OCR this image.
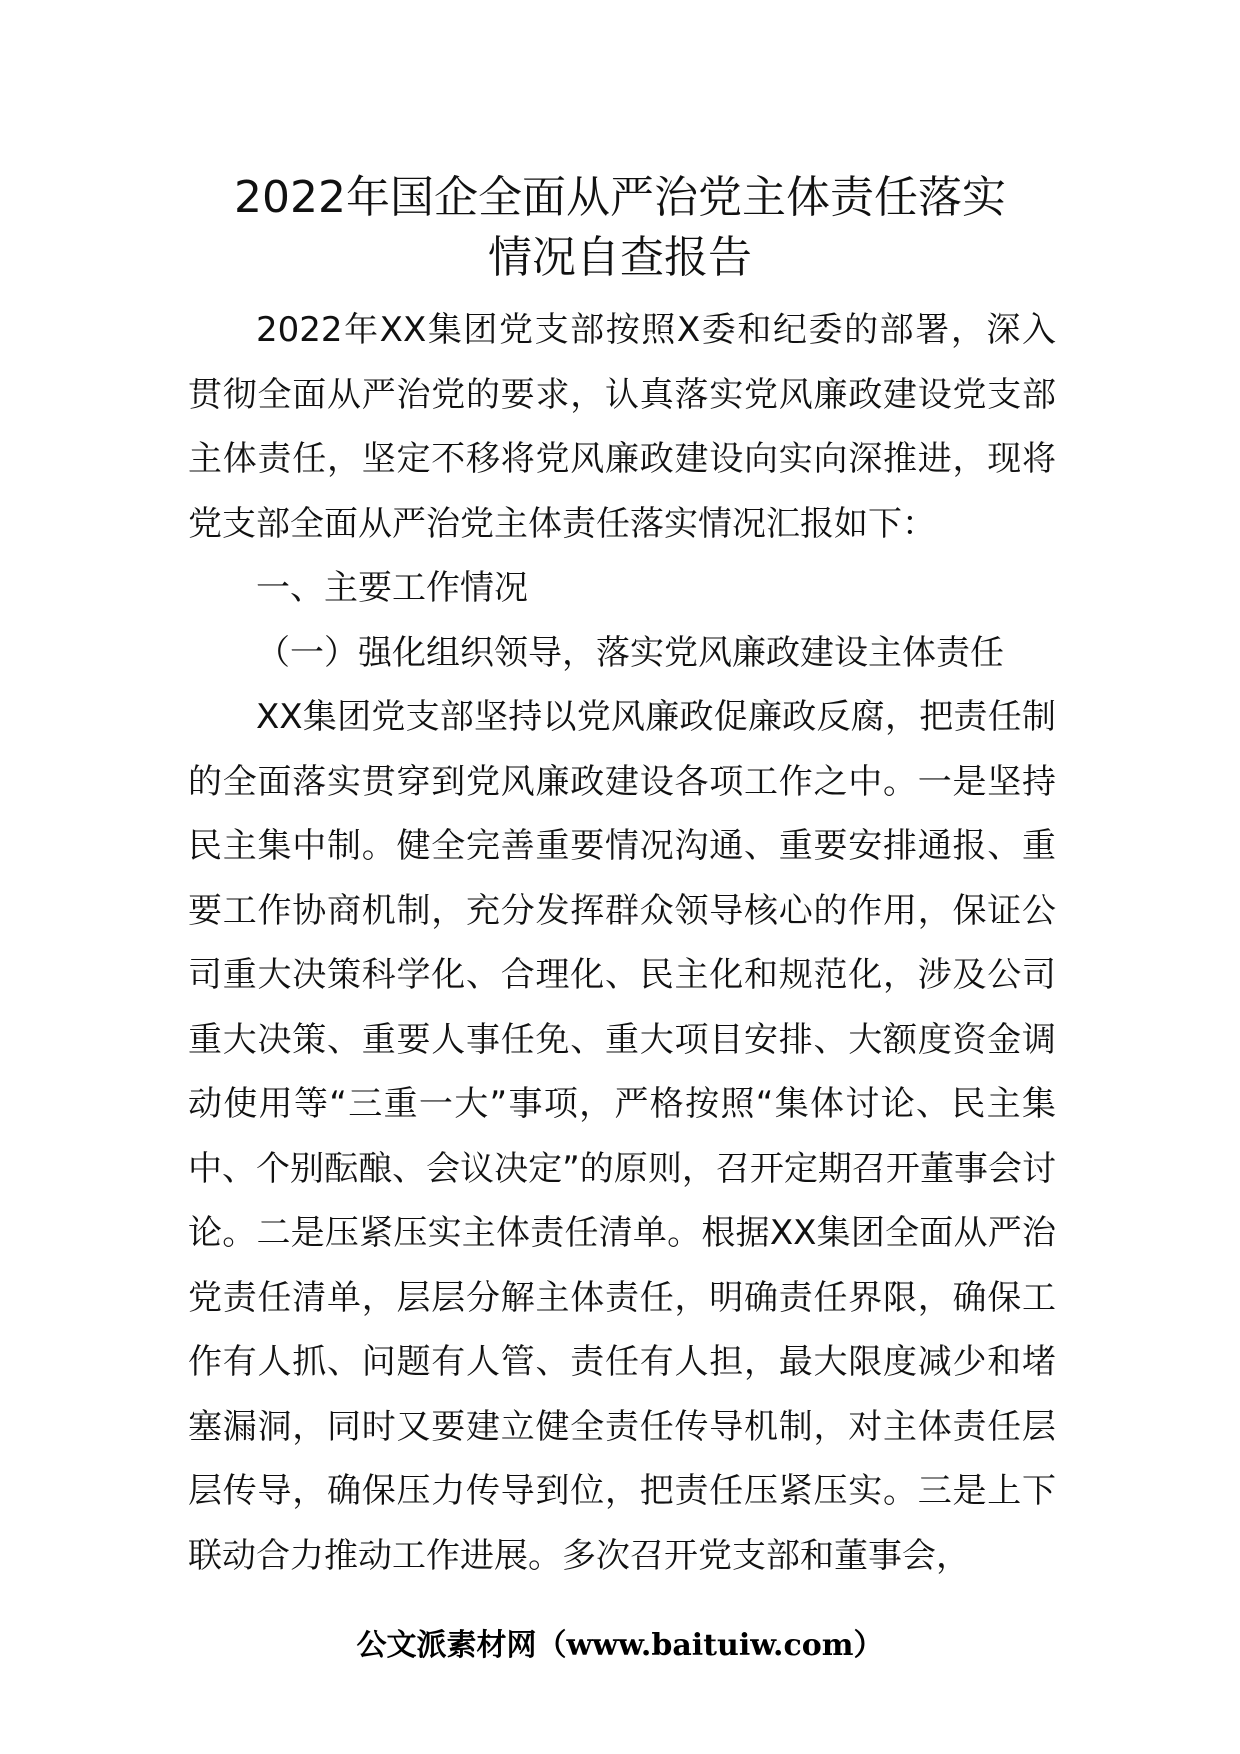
2022年国企全面从严治党主体责任落实
情况自查报告

2022年XX集团党支部按照X委和纪委的部署，深入贯彻全面从严治党的要求，认真落实党风廉政建设党支部主体责任，坚定不移将党风廉政建设向实向深推进，现将党支部全面从严治党主体责任落实情况汇报如下：

一、主要工作情况

（一）强化组织领导，落实党风廉政建设主体责任

XX集团党支部坚持以党风廉政促廉政反腐，把责任制的全面落实贯穿到党风廉政建设各项工作之中。一是坚持民主集中制。健全完善重要情况沟通、重要安排通报、重要工作协商机制，充分发挥群众领导核心的作用，保证公司重大决策科学化、合理化、民主化和规范化，涉及公司重大决策、重要人事任免、重大项目安排、大额度资金调动使用等“三重一大”事项，严格按照“集体讨论、民主集中、个别酝酿、会议决定”的原则，召开定期召开董事会讨论。二是压紧压实主体责任清单。根据XX集团全面从严治党责任清单，层层分解主体责任，明确责任界限，确保工作有人抓、问题有人管、责任有人担，最大限度减少和堵塞漏洞，同时又要建立健全责任传导机制，对主体责任层层传导，确保压力传导到位，把责任压紧压实。三是上下联动合力推动工作进展。多次召开党支部和董事会，

公文派素材网（www.baituiw.com）
